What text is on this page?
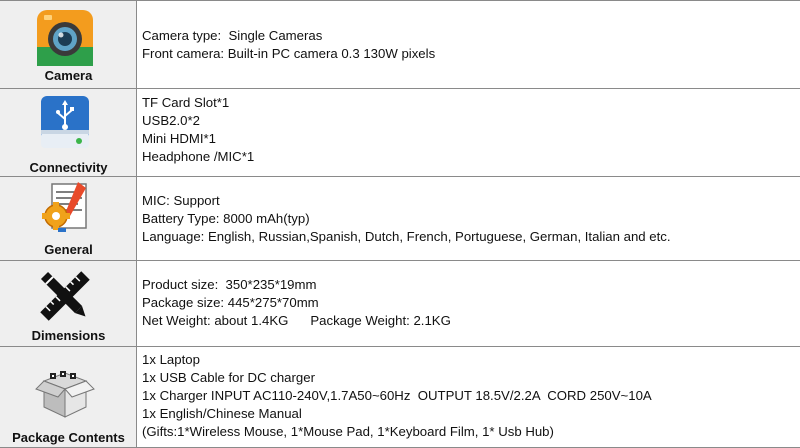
Camera
Camera type:  Single Cameras
Front camera: Built-in PC camera 0.3 130W pixels
Connectivity
TF Card Slot*1
USB2.0*2
Mini HDMI*1
Headphone /MIC*1
General
MIC: Support
Battery Type: 8000 mAh(typ)
Language: English, Russian,Spanish, Dutch, French, Portuguese, German, Italian and etc.
Dimensions
Product size:  350*235*19mm
Package size: 445*275*70mm
Net Weight: about 1.4KG      Package Weight: 2.1KG
Package Contents
1x Laptop
1x USB Cable for DC charger
1x Charger INPUT AC110-240V,1.7A50~60Hz  OUTPUT 18.5V/2.2A  CORD 250V~10A
1x English/Chinese Manual
(Gifts:1*Wireless Mouse, 1*Mouse Pad, 1*Keyboard Film, 1* Usb Hub)
